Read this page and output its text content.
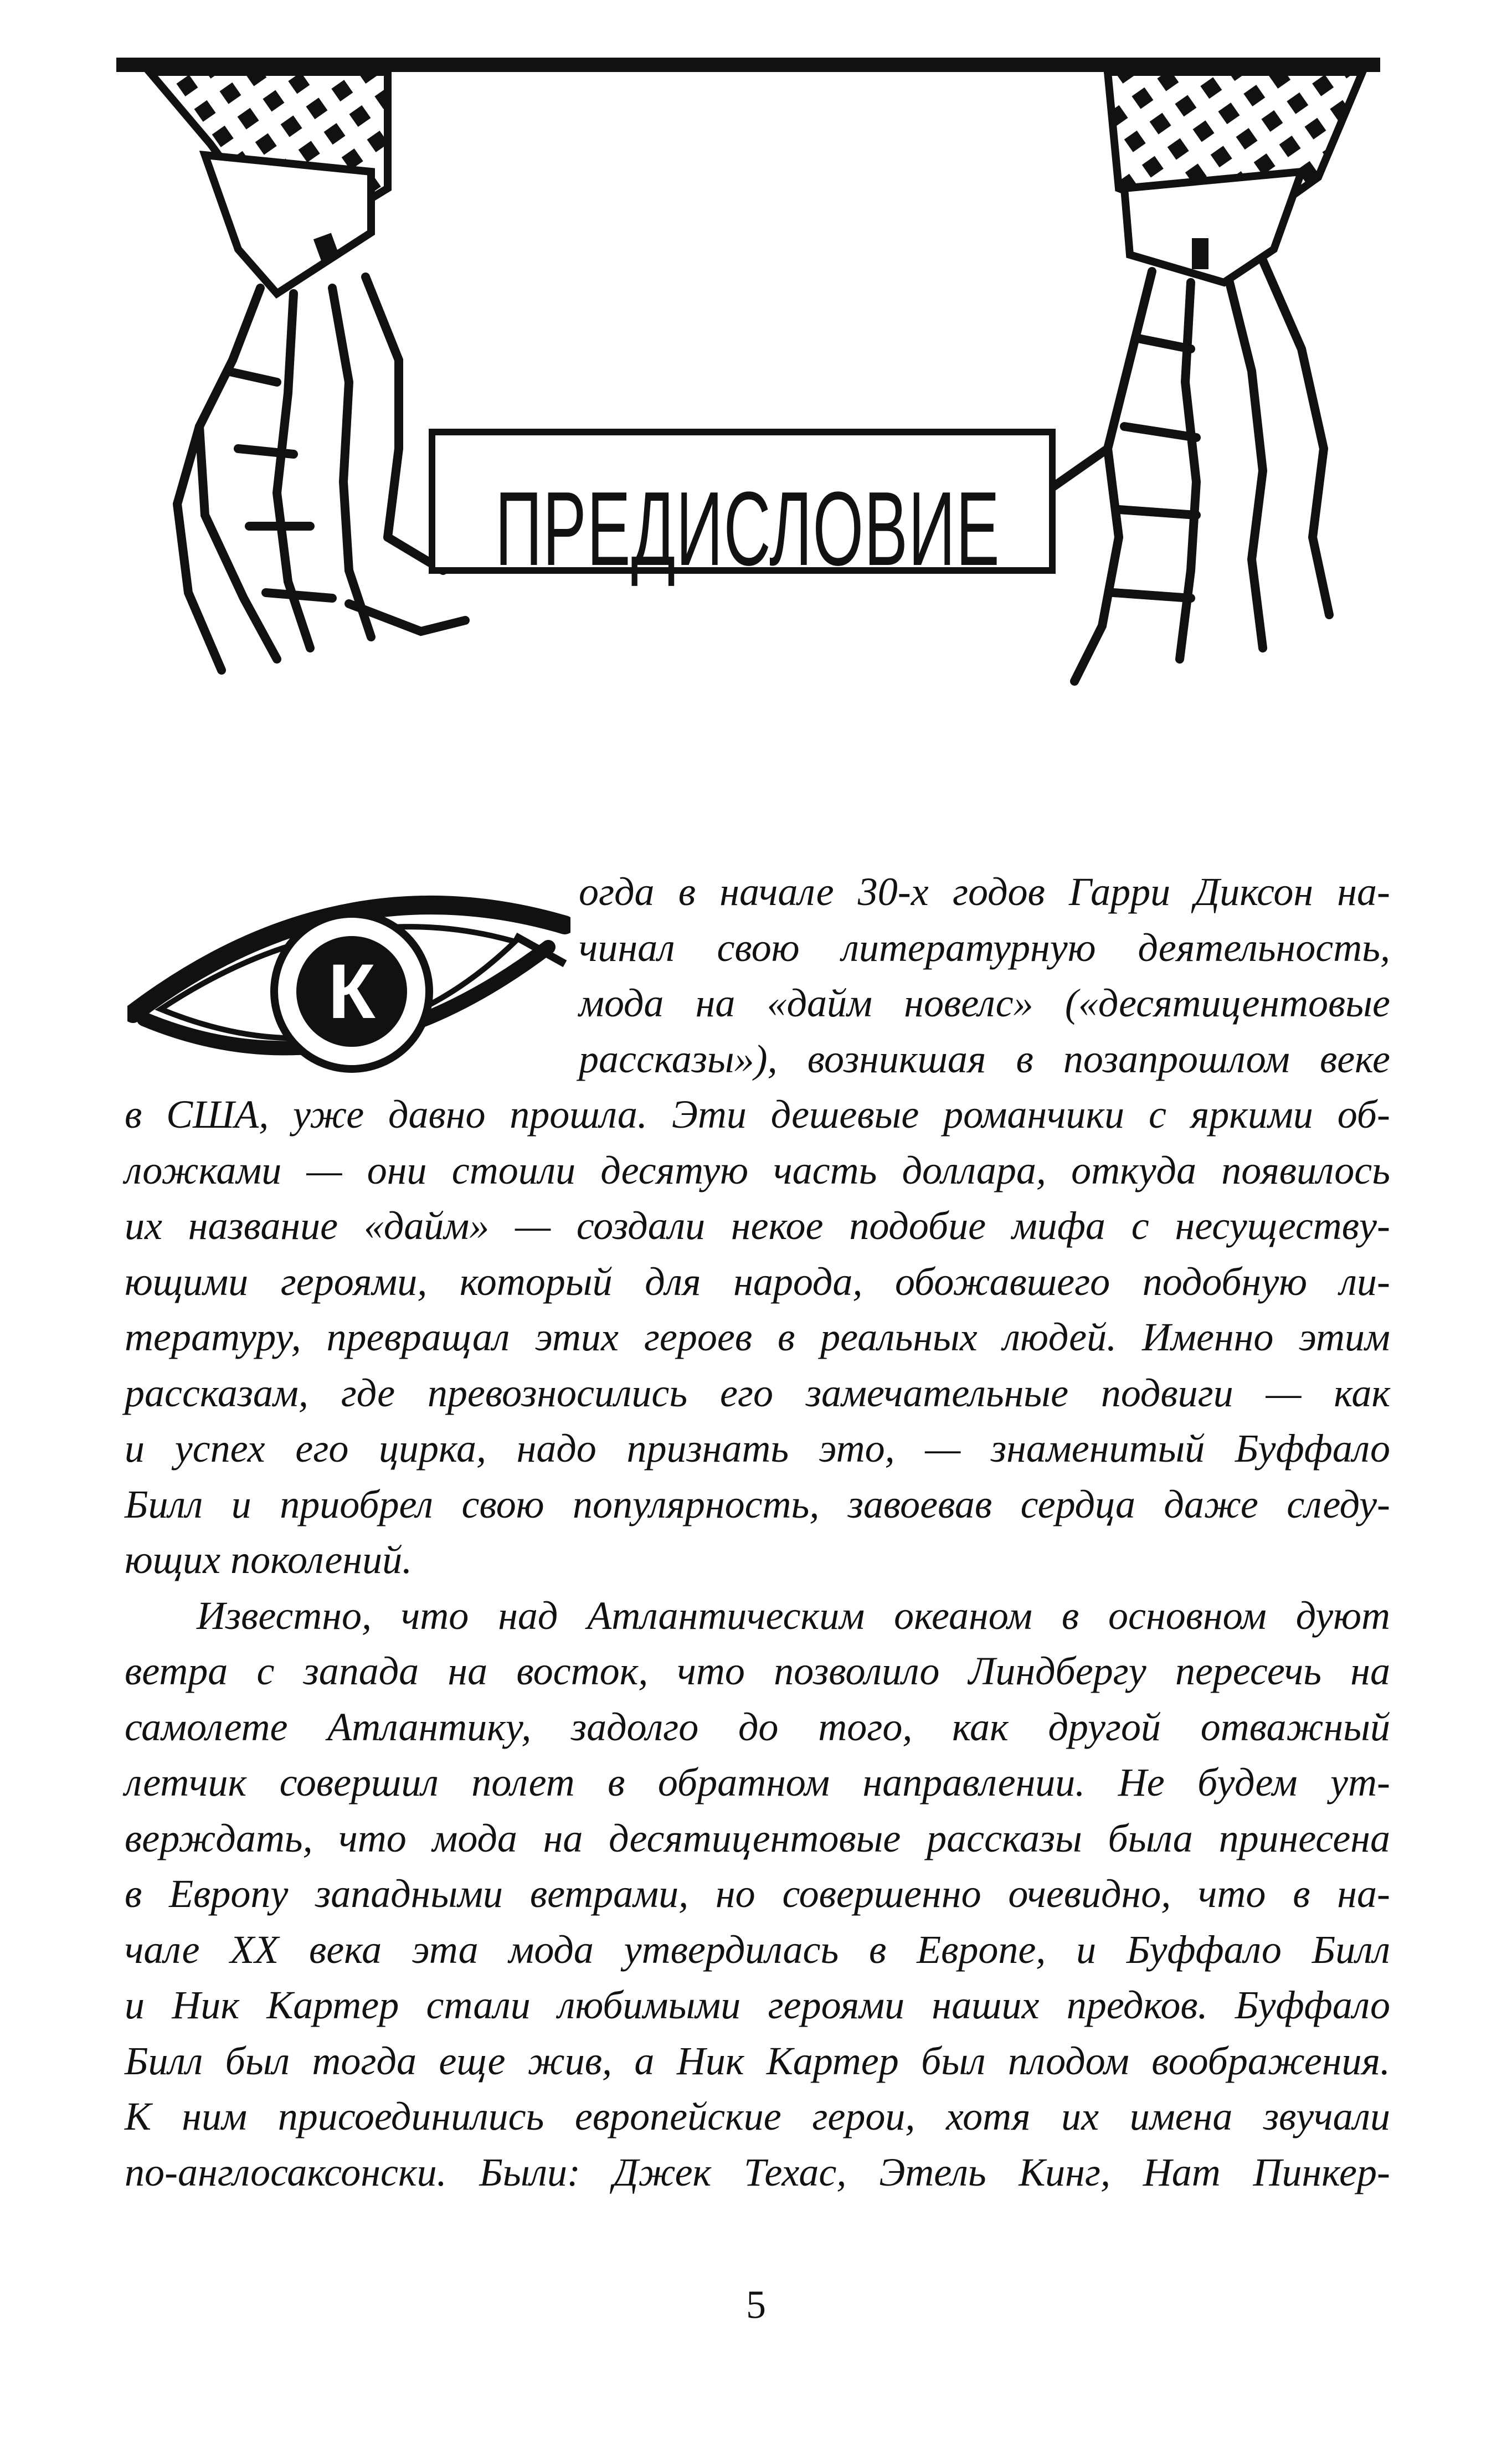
ПРЕДИСЛОВИЕ
К
огда в начале 30-х годов Гарри Диксон на-
чинал свою литературную деятельность,
мода на «дайм новелс» («десятицентовые
рассказы»), возникшая в позапрошлом веке
в США, уже давно прошла. Эти дешевые романчики с яркими об-
ложками — они стоили десятую часть доллара, откуда появилось
их название «дайм» — создали некое подобие мифа с несуществу-
ющими героями, который для народа, обожавшего подобную ли-
тературу, превращал этих героев в реальных людей. Именно этим
рассказам, где превозносились его замечательные подвиги — как
и успех его цирка, надо признать это, — знаменитый Буффало
Билл и приобрел свою популярность, завоевав сердца даже следу-
ющих поколений.
Известно, что над Атлантическим океаном в основном дуют
ветра с запада на восток, что позволило Линдбергу пересечь на
самолете Атлантику, задолго до того, как другой отважный
летчик совершил полет в обратном направлении. Не будем ут-
верждать, что мода на десятицентовые рассказы была принесена
в Европу западными ветрами, но совершенно очевидно, что в на-
чале XX века эта мода утвердилась в Европе, и Буффало Билл
и Ник Картер стали любимыми героями наших предков. Буффало
Билл был тогда еще жив, а Ник Картер был плодом воображения.
К ним присоединились европейские герои, хотя их имена звучали
по-англосаксонски. Были: Джек Техас, Этель Кинг, Нат Пинкер-
5
